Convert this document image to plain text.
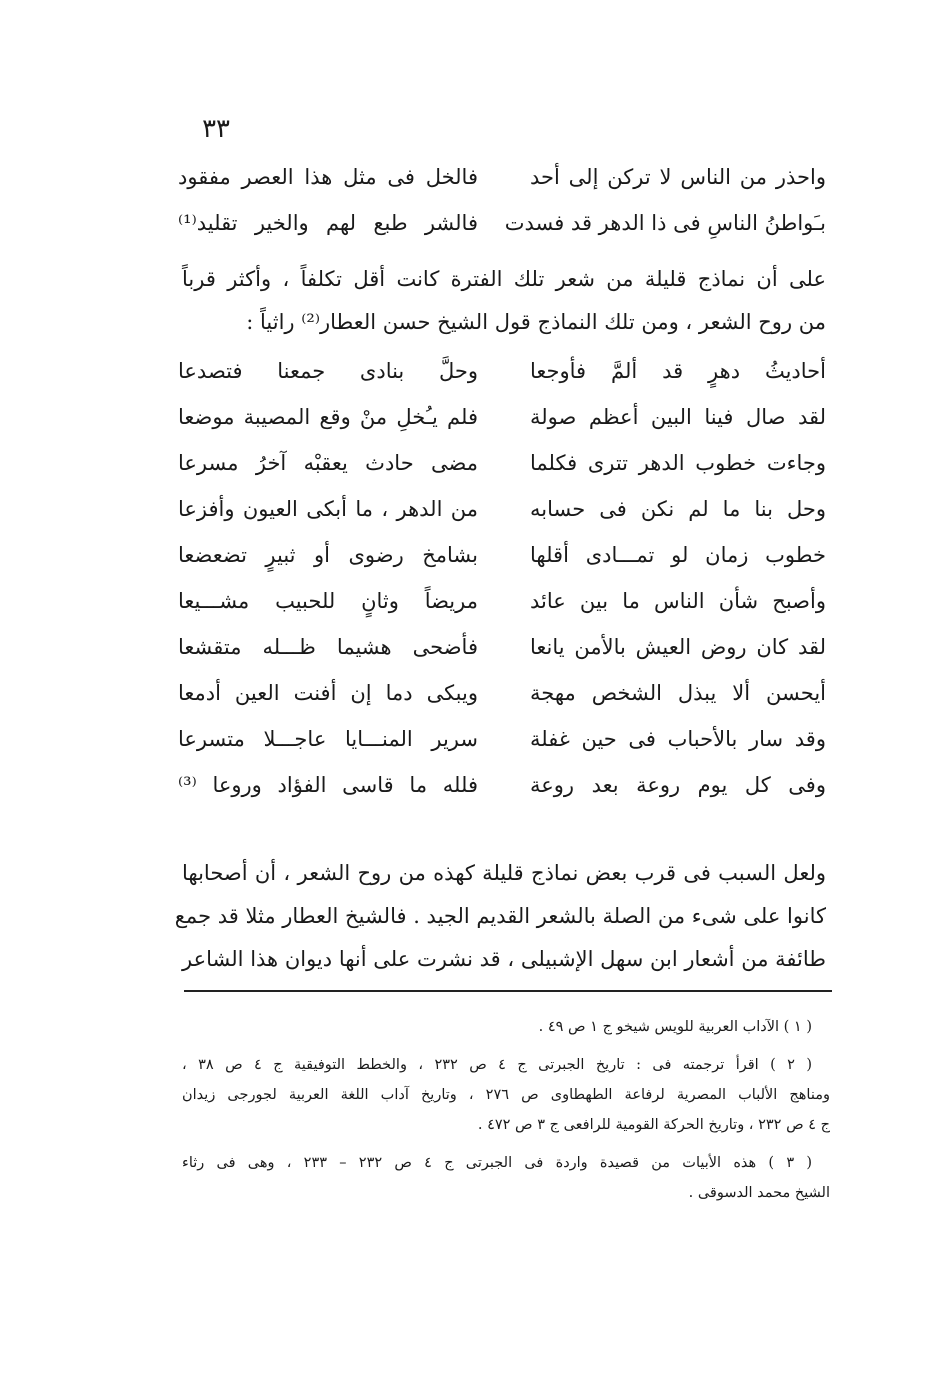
٣٣
واحذر من الناس لا تركن إلى أحد
فالخل فى مثل هذا العصر مفقود
بـَواطنُ الناسِ فى ذا الدهر قد فسدت
فالشر طبع لهم والخير تقليد⁽¹⁾
على أن نماذج قليلة من شعر تلك الفترة كانت أقل تكلفاً ، وأكثر قرباً
من روح الشعر ، ومن تلك النماذج قول الشيخ حسن العطار⁽²⁾ راثياً :
أحاديثُ دهرٍ قد ألمَّ فأوجعا
وحلَّ بنادى جمعنا فتصدعا
لقد صال فينا البين أعظم صولة
فلم يـُخلِ منْ وقع المصيبة موضعا
وجاءت خطوب الدهر تترى فكلما
مضى حادث يعقبْه آخرُ مسرعا
وحل بنا ما لم نكن فى حسابه
من الدهر ، ما أبكى العيون وأفزعا
خطوب زمان لو تمـــادى أقلها
بشامخ رضوى أو ثبيرٍ تضعضعا
وأصبح شأن الناس ما بين عائد
مريضاً وثانٍ للحبيب مشـــيعا
لقد كان روض العيش بالأمن يانعا
فأضحى هشيما ظـــله متقشعا
أيحسن ألا يبذل الشخص مهجة
ويبكى دما إن أفنت العين أدمعا
وقد سار بالأحباب فى حين غفلة
سرير المنـــايا عاجـــلا متسرعا
وفى كل يوم روعة بعد روعة
فلله ما قاسى الفؤاد وروعا ⁽³⁾
ولعل السبب فى قرب بعض نماذج قليلة كهذه من روح الشعر ، أن أصحابها
كانوا على شىء من الصلة بالشعر القديم الجيد . فالشيخ العطار مثلا قد جمع
طائفة من أشعار ابن سهل الإشبيلى ، قد نشرت على أنها ديوان هذا الشاعر
( ١ ) الآداب العربية للويس شيخو ج ١ ص ٤٩ .
( ٢ ) اقرأ ترجمته فى : تاريخ الجبرتى ج ٤ ص ٢٣٢ ، والخطط التوفيقية ج ٤ ص ٣٨ ،
ومناهج الألباب المصرية لرفاعة الطهطاوى ص ٢٧٦ ، وتاريخ آداب اللغة العربية لجورجى زيدان
ج ٤ ص ٢٣٢ ، وتاريخ الحركة القومية للرافعى ج ٣ ص ٤٧٢ .
( ٣ ) هذه الأبيات من قصيدة واردة فى الجبرتى ج ٤ ص ٢٣٢ – ٢٣٣ ، وهى فى رثاء
الشيخ محمد الدسوقى .
